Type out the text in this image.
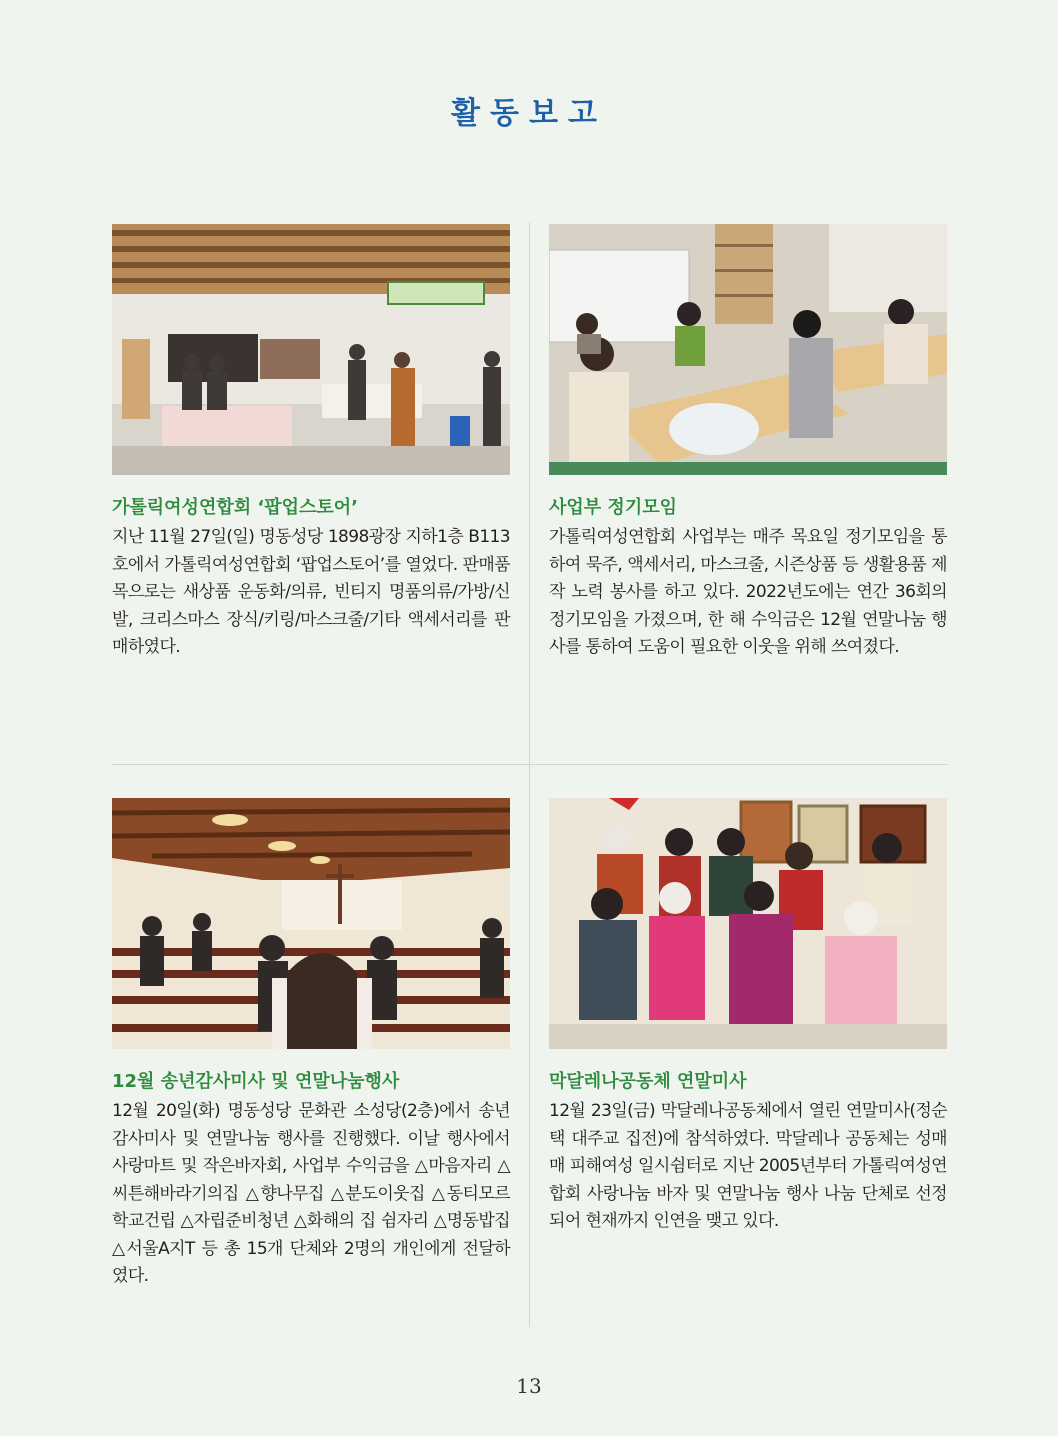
활동보고
가톨릭여성연합회 ‘팝업스토어’
지난 11월 27일(일) 명동성당 1898광장 지하1층 B113호에서 가톨릭여성연합회 ‘팝업스토어’를 열었다. 판매품목으로는 새상품 운동화/의류, 빈티지 명품의류/가방/신발, 크리스마스 장식/키링/마스크줄/기타 액세서리를 판매하였다.
사업부 정기모임
가톨릭여성연합회 사업부는 매주 목요일 정기모임을 통하여 묵주, 액세서리, 마스크줄, 시즌상품 등 생활용품 제작 노력 봉사를 하고 있다. 2022년도에는 연간 36회의 정기모임을 가졌으며, 한 해 수익금은 12월 연말나눔 행사를 통하여 도움이 필요한 이웃을 위해 쓰여졌다.
12월 송년감사미사 및 연말나눔행사
12월 20일(화) 명동성당 문화관 소성당(2층)에서 송년감사미사 및 연말나눔 행사를 진행했다. 이날 행사에서 사랑마트 및 작은바자회, 사업부 수익금을 △마음자리 △씨튼해바라기의집 △향나무집 △분도이웃집 △동티모르학교건립 △자립준비청년 △화해의 집 쉼자리 △명동밥집 △서울A지T 등 총 15개 단체와 2명의 개인에게 전달하였다.
막달레나공동체 연말미사
12월 23일(금) 막달레나공동체에서 열린 연말미사(정순택 대주교 집전)에 참석하였다. 막달레나 공동체는 성매매 피해여성 일시쉼터로 지난 2005년부터 가톨릭여성연합회 사랑나눔 바자 및 연말나눔 행사 나눔 단체로 선정되어 현재까지 인연을 맺고 있다.
13
